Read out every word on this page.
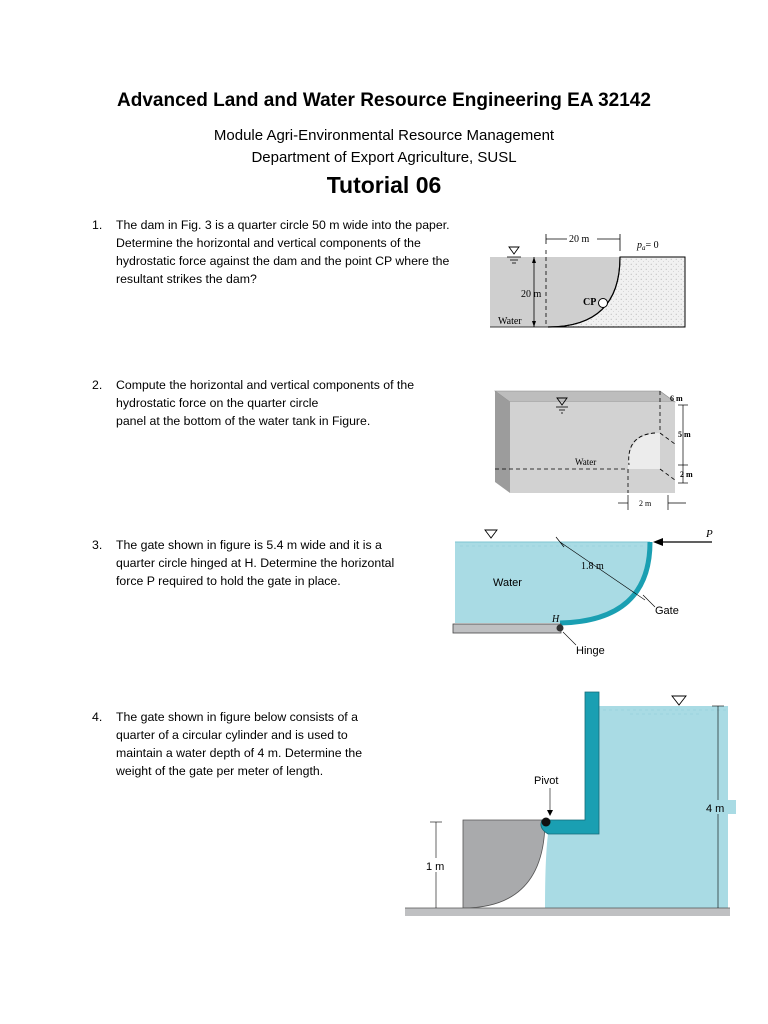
Advanced Land and Water Resource Engineering EA 32142
Module Agri-Environmental Resource Management
Department of Export Agriculture, SUSL
Tutorial 06
1. The dam in Fig. 3 is a quarter circle 50 m wide into the paper.
Determine the horizontal and vertical components of the
hydrostatic force against the dam and the point CP where the
resultant strikes the dam?
20 m
20 m
$p_a= 0$
CP
Water
2. Compute the horizontal and vertical components of the
hydrostatic force on the quarter circle
panel at the bottom of the water tank in Figure.
Water
6 m
5 m
2 m
2 m
3. The gate shown in figure is 5.4 m wide and it is a
quarter circle hinged at H. Determine the horizontal
force P required to hold the gate in place.
1.8 m
Water
H
Hinge
Gate
P
4. The gate shown in figure below consists of a
quarter of a circular cylinder and is used to
maintain a water depth of 4 m. Determine the
weight of the gate per meter of length.
Pivot
4 m
1 m
